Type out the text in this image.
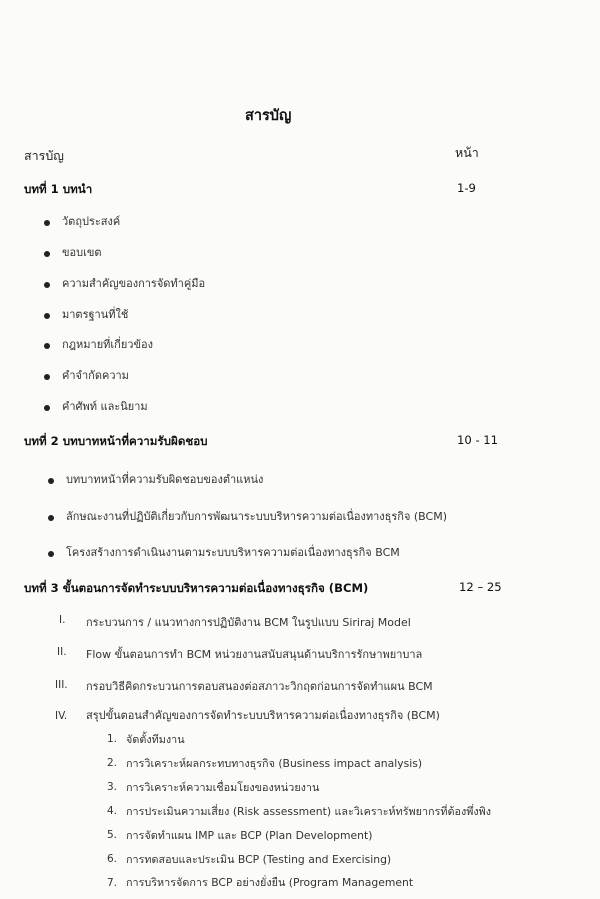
สารบัญ
สารบัญ	หน้า
บทที่ 1 บทนำ	1-9
วัตถุประสงค์
ขอบเขต
ความสำคัญของการจัดทำคู่มือ
มาตรฐานที่ใช้
กฎหมายที่เกี่ยวข้อง
คำจำกัดความ
คำศัพท์ และนิยาม
บทที่ 2 บทบาทหน้าที่ความรับผิดชอบ	10 - 11
บทบาทหน้าที่ความรับผิดชอบของตำแหน่ง
ลักษณะงานที่ปฏิบัติเกี่ยวกับการพัฒนาระบบบริหารความต่อเนื่องทางธุรกิจ (BCM)
โครงสร้างการดำเนินงานตามระบบบริหารความต่อเนื่องทางธุรกิจ BCM
บทที่ 3 ขั้นตอนการจัดทำระบบบริหารความต่อเนื่องทางธุรกิจ (BCM)	12 – 25
I. กระบวนการ / แนวทางการปฏิบัติงาน BCM ในรูปแบบ Siriraj Model
II. Flow ขั้นตอนการทำ BCM หน่วยงานสนับสนุนด้านบริการรักษาพยาบาล
III. กรอบวิธีคิดกระบวนการตอบสนองต่อสภาวะวิกฤตก่อนการจัดทำแผน BCM
IV. สรุปขั้นตอนสำคัญของการจัดทำระบบบริหารความต่อเนื่องทางธุรกิจ (BCM)
1. จัดตั้งทีมงาน
2. การวิเคราะห์ผลกระทบทางธุรกิจ (Business impact analysis)
3. การวิเคราะห์ความเชื่อมโยงของหน่วยงาน
4. การประเมินความเสี่ยง (Risk assessment) และวิเคราะห์ทรัพยากรที่ต้องพึ่งพิง
5. การจัดทำแผน IMP และ BCP (Plan Development)
6. การทดสอบและประเมิน BCP (Testing and Exercising)
7. การบริหารจัดการ BCP อย่างยั่งยืน (Program Management
